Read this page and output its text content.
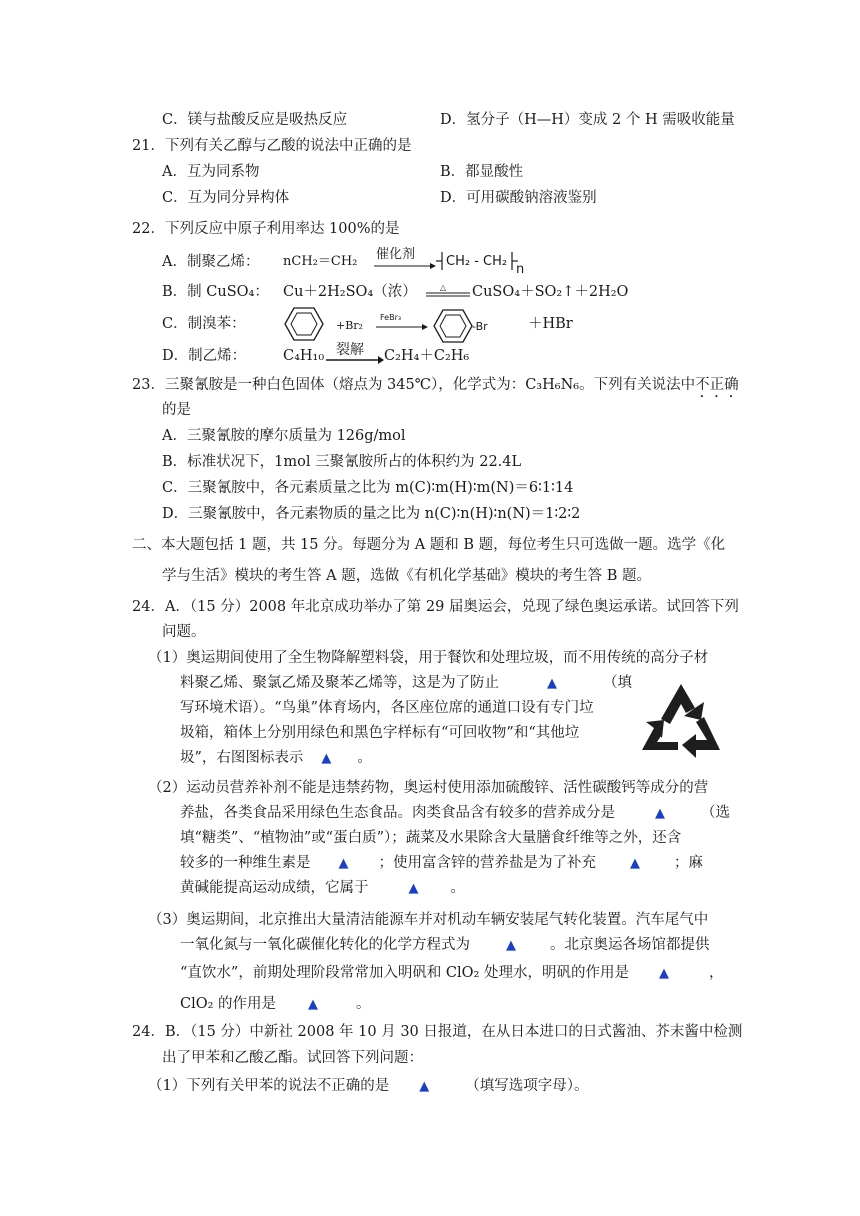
C．镁与盐酸反应是吸热反应	D．氢分子（H—H）变成 2 个 H 需吸收能量
21．下列有关乙醇与乙酸的说法中正确的是
A．互为同系物	B．都显酸性
C．互为同分异构体	D．可用碳酸钠溶液鉴别
22．下列反应中原子利用率达 100%的是
A．制聚乙烯： nCH₂＝CH₂ 催化剂 CH₂ - CH₂
n
B．制 CuSO₄： Cu＋2H₂SO₄（浓）	△ CuSO₄＋SO₂↑＋2H₂O
C．制溴苯：	+Br₂
FeBr₃
-Br	＋HBr
D．制乙烯：	C₄H₁₀ 裂解 C₂H₄＋C₂H₆
23．三聚氰胺是一种白色固体（熔点为 345℃），化学式为：C₃H₆N₆。下列有关说法中不正确
的是
A．三聚氰胺的摩尔质量为 126g/mol
B．标准状况下，1mol 三聚氰胺所占的体积约为 22.4L
C．三聚氰胺中，各元素质量之比为 m(C)∶m(H)∶m(N)＝6∶1∶14
D．三聚氰胺中，各元素物质的量之比为 n(C)∶n(H)∶n(N)＝1∶2∶2
二、本大题包括 1 题，共 15 分。每题分为 A 题和 B 题，每位考生只可选做一题。选学《化
学与生活》模块的考生答 A 题，选做《有机化学基础》模块的考生答 B 题。
24．A．（15 分）2008 年北京成功举办了第 29 届奥运会，兑现了绿色奥运承诺。试回答下列
问题。
（1）奥运期间使用了全生物降解塑料袋，用于餐饮和处理垃圾，而不用传统的高分子材
料聚乙烯、聚氯乙烯及聚苯乙烯等，这是为了防止	▲	（填
写环境术语）。“鸟巢”体育场内，各区座位席的通道口设有专门垃
圾箱，箱体上分别用绿色和黑色字样标有“可回收物”和“其他垃
圾”，右图图标表示 ▲ 。
（2）运动员营养补剂不能是违禁药物，奥运村使用添加硫酸锌、活性碳酸钙等成分的营
养盐，各类食品采用绿色生态食品。肉类食品含有较多的营养成分是	▲ （选
填“糖类”、“植物油”或“蛋白质”）；蔬菜及水果除含大量膳食纤维等之外，还含
较多的一种维生素是 ▲ ；使用富含锌的营养盐是为了补充	▲ ；麻
黄碱能提高运动成绩，它属于	▲ 。
（3）奥运期间，北京推出大量清洁能源车并对机动车辆安装尾气转化装置。汽车尾气中
一氧化氮与一氧化碳催化转化的化学方程式为	▲ 。北京奥运各场馆都提供
“直饮水”，前期处理阶段常常加入明矾和 ClO₂ 处理水，明矾的作用是 ▲	，
ClO₂ 的作用是 ▲	。
24．B．（15 分）中新社 2008 年 10 月 30 日报道，在从日本进口的日式酱油、芥末酱中检测
出了甲苯和乙酸乙酯。试回答下列问题：
（1）下列有关甲苯的说法不正确的是 ▲ （填写选项字母）。
